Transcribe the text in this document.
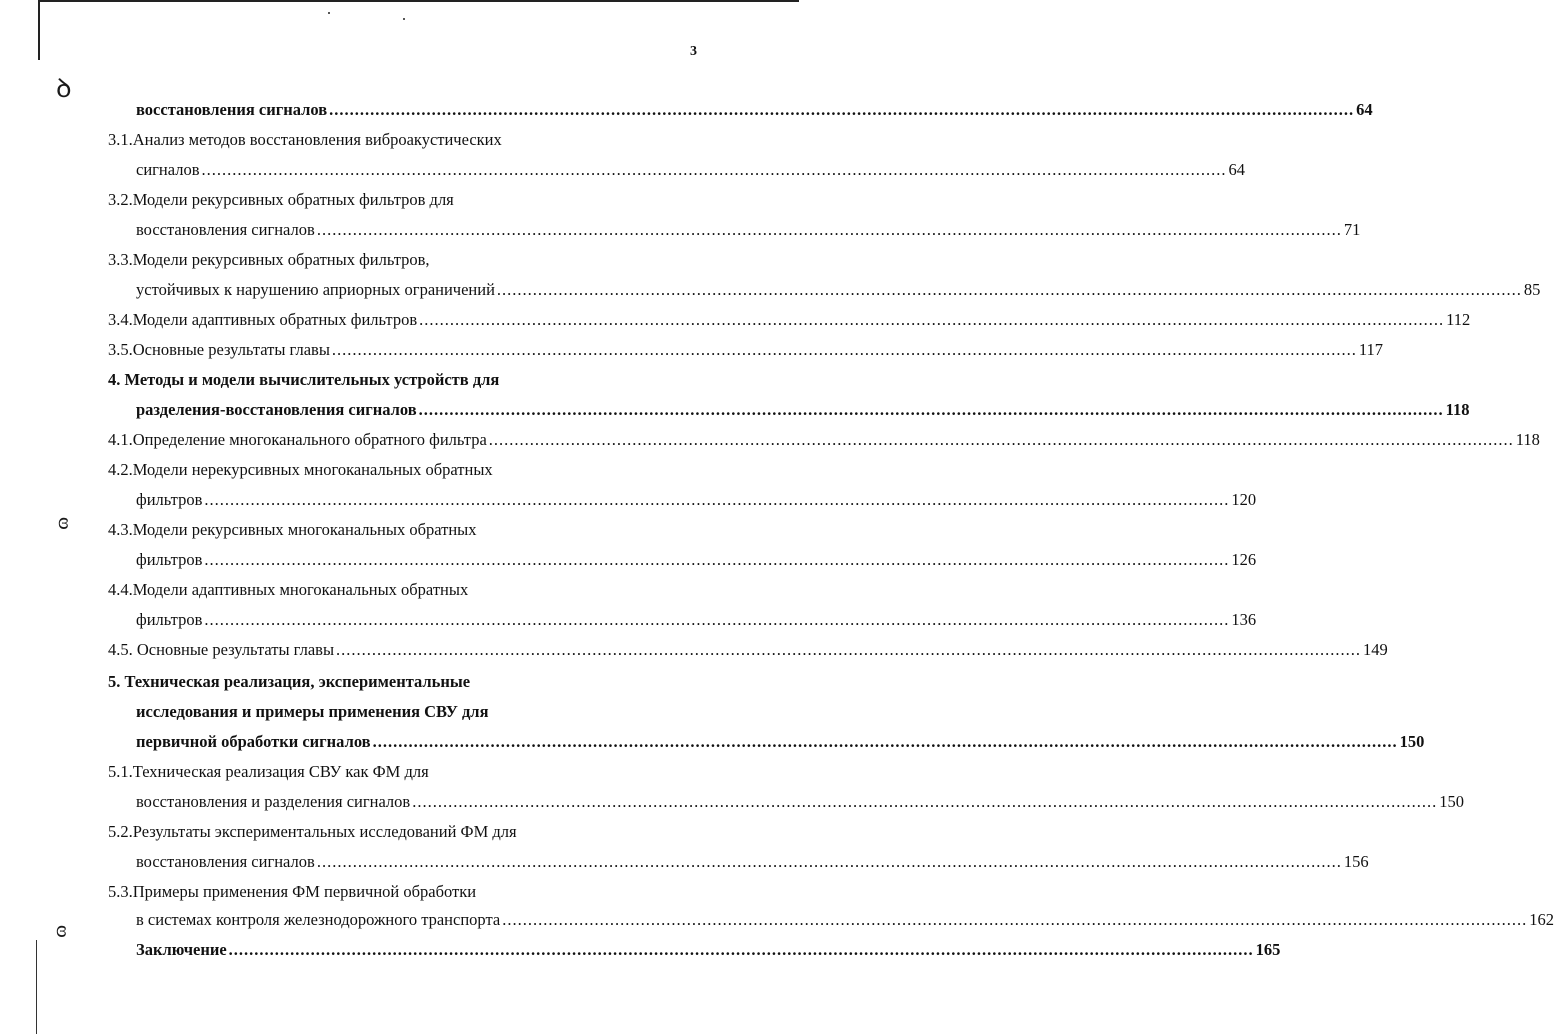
3
ꝺ
ɞ
ɞ
восстановления сигналов ........................................................................................................................................................................................................ 64
3.1.Анализ методов восстановления виброакустических
сигналов ........................................................................................................................................................................................................ 64
3.2.Модели рекурсивных обратных фильтров для
восстановления сигналов ........................................................................................................................................................................................................ 71
3.3.Модели рекурсивных обратных фильтров,
устойчивых к нарушению априорных ограничений ........................................................................................................................................................................................................ 85
3.4.Модели адаптивных обратных фильтров ........................................................................................................................................................................................................ 112
3.5.Основные результаты главы ........................................................................................................................................................................................................ 117
4. Методы и модели вычислительных устройств для
разделения-восстановления сигналов ........................................................................................................................................................................................................ 118
4.1.Определение многоканального обратного фильтра ........................................................................................................................................................................................................ 118
4.2.Модели нерекурсивных многоканальных обратных
фильтров ........................................................................................................................................................................................................ 120
4.3.Модели рекурсивных многоканальных обратных
фильтров ........................................................................................................................................................................................................ 126
4.4.Модели адаптивных многоканальных обратных
фильтров ........................................................................................................................................................................................................ 136
4.5. Основные результаты главы ........................................................................................................................................................................................................ 149
5. Техническая реализация, экспериментальные
исследования и примеры применения СВУ для
первичной обработки сигналов ........................................................................................................................................................................................................ 150
5.1.Техническая реализация СВУ как ФМ для
восстановления и разделения сигналов ........................................................................................................................................................................................................ 150
5.2.Результаты экспериментальных исследований ФМ для
восстановления сигналов ........................................................................................................................................................................................................ 156
5.3.Примеры применения ФМ первичной обработки
в системах контроля железнодорожного транспорта ........................................................................................................................................................................................................ 162
Заключение ........................................................................................................................................................................................................ 165
